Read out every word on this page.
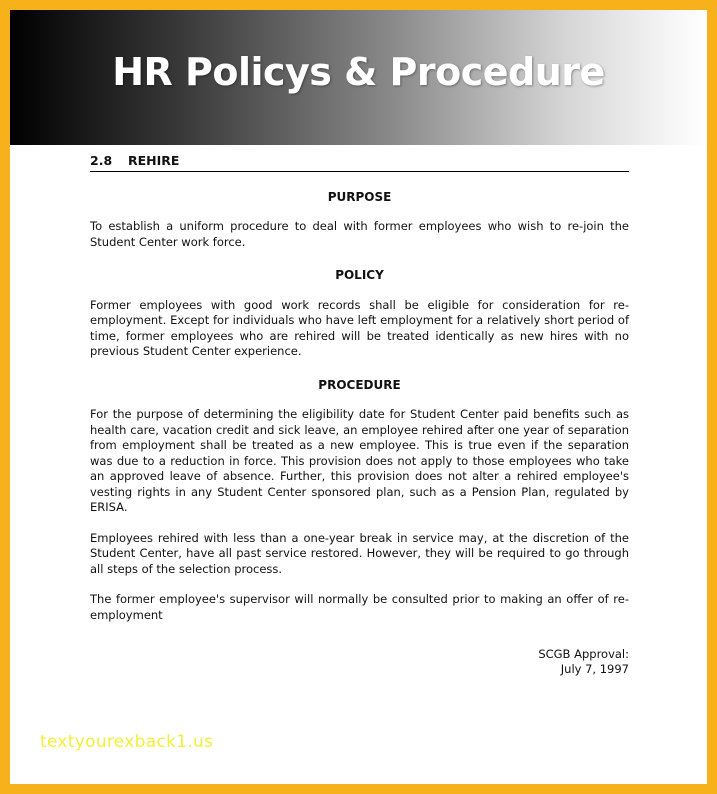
HR Policys & Procedure
2.8 REHIRE
PURPOSE

To establish a uniform procedure to deal with former employees who wish to re-join the Student Center work force.

POLICY

Former employees with good work records shall be eligible for consideration for re-employment. Except for individuals who have left employment for a relatively short period of time, former employees who are rehired will be treated identically as new hires with no previous Student Center experience.

PROCEDURE

For the purpose of determining the eligibility date for Student Center paid benefits such as health care, vacation credit and sick leave, an employee rehired after one year of separation from employment shall be treated as a new employee. This is true even if the separation was due to a reduction in force. This provision does not apply to those employees who take an approved leave of absence. Further, this provision does not alter a rehired employee's vesting rights in any Student Center sponsored plan, such as a Pension Plan, regulated by ERISA.

Employees rehired with less than a one-year break in service may, at the discretion of the Student Center, have all past service restored. However, they will be required to go through all steps of the selection process.

The former employee's supervisor will normally be consulted prior to making an offer of re-employment

SCGB Approval:
July 7, 1997
textyourexback1.us
